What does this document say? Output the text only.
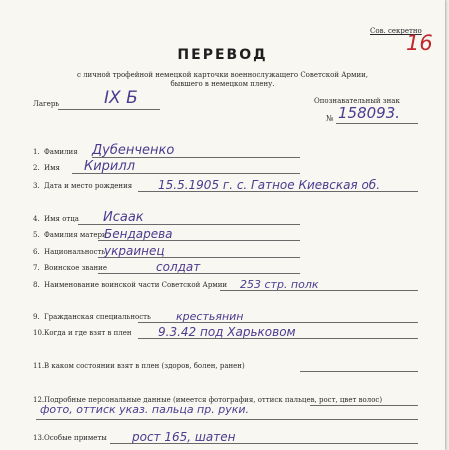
Сов. секретно
16
ПЕРЕВОД
с личной трофейной немецкой карточки военнослужащего Советской Армии,
бывшего в немецком плену.
Лагерь	IX Б	Опознавательный знак
№ 158093.
1. Фамилия Дубенченко
2. Имя Кирилл
3. Дата и место рождения 15.5.1905 г. с. Гатное Киевская об.
4. Имя отца Исаак
5. Фамилия матери
Бендарева
6. Национальность
украинец
7. Воинское звание	солдат
8. Наименование воинской части Советской Армии 253 стр. полк
9. Гражданская специальность крестьянин
10. Когда и где взят в плен 9.3.42 под Харьковом
11. В каком состоянии взят в плен (здоров, болен, ранен)
12. Подробные персональные данные (имеется фотография, оттиск пальцев, рост, цвет волос)
фото, оттиск указ. пальца пр. руки.
13. Особые приметы рост 165, шатен
